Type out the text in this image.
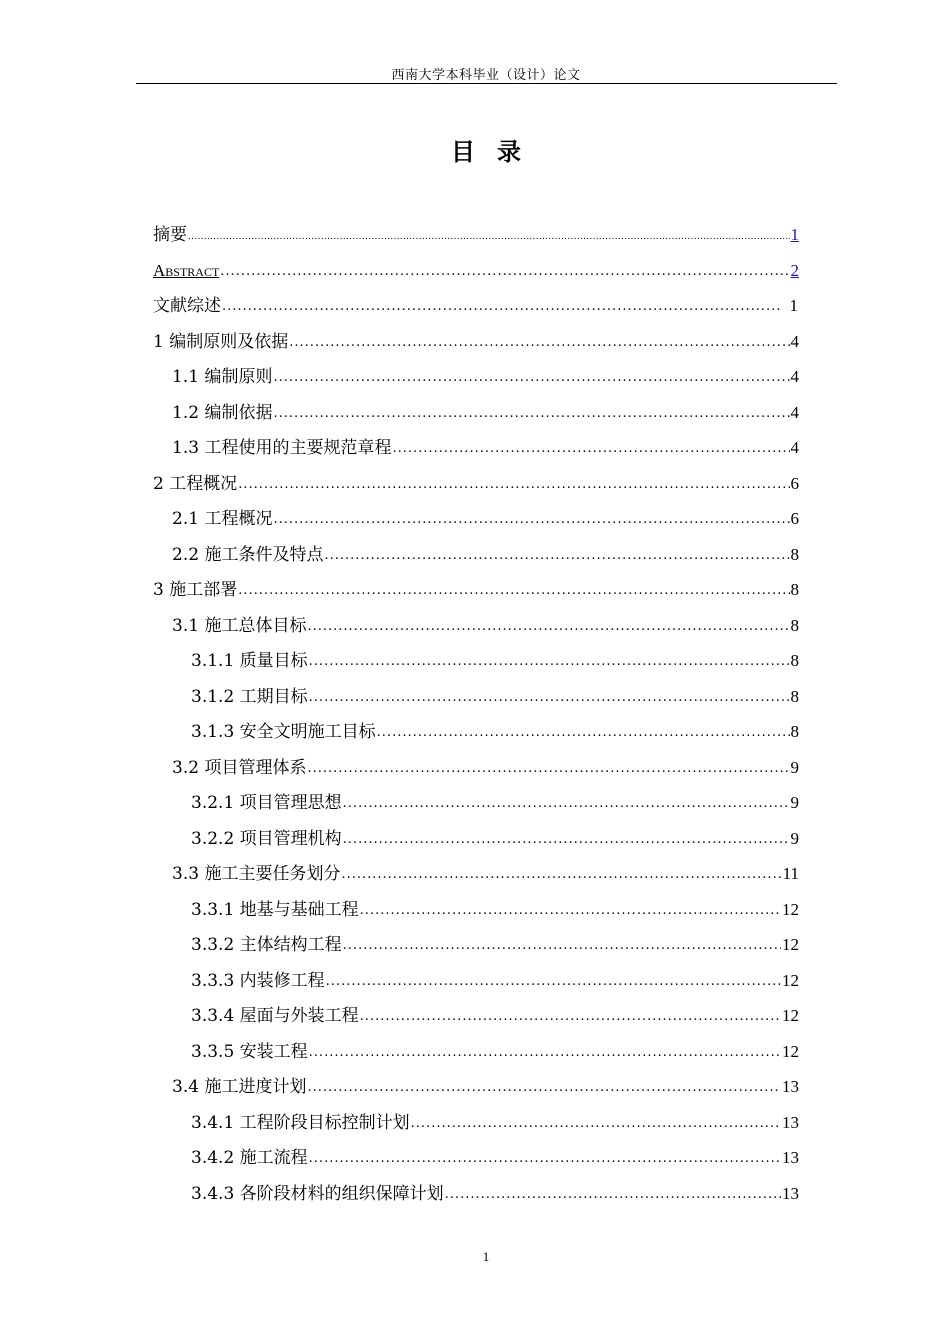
西南大学本科毕业（设计）论文
目录
摘要 .....	1
Abstract .....	2
文献综述 .....	1
1 编制原则及依据 .....	4
1.1 编制原则 .....	4
1.2 编制依据 .....	4
1.3 工程使用的主要规范章程 .....	4
2 工程概况 .....	6
2.1 工程概况 .....	6
2.2 施工条件及特点 .....	8
3 施工部署 .....	8
3.1 施工总体目标 .....	8
3.1.1 质量目标 .....	8
3.1.2 工期目标 .....	8
3.1.3 安全文明施工目标 .....	8
3.2 项目管理体系 .....	9
3.2.1 项目管理思想 .....	9
3.2.2 项目管理机构 .....	9
3.3 施工主要任务划分 .....	11
3.3.1 地基与基础工程 .....	12
3.3.2 主体结构工程 .....	12
3.3.3 内装修工程 .....	12
3.3.4 屋面与外装工程 .....	12
3.3.5 安装工程 .....	12
3.4 施工进度计划 .....	13
3.4.1 工程阶段目标控制计划 .....	13
3.4.2 施工流程 .....	13
3.4.3 各阶段材料的组织保障计划 .....	13
1
